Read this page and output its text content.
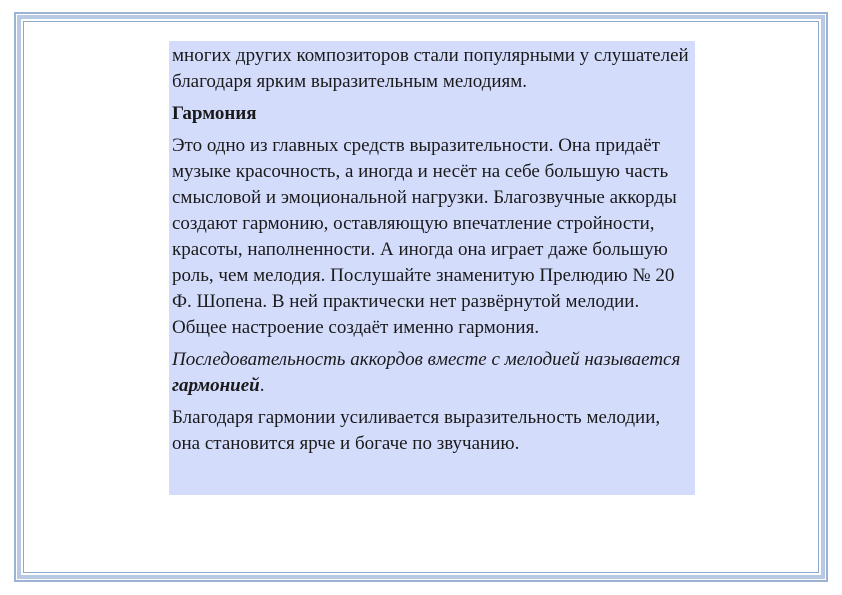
многих других композиторов стали популярными у слушателей благодаря ярким выразительным мелодиям.

Гармония

Это одно из главных средств выразительности. Она придаёт музыке красочность, а иногда и несёт на себе большую часть смысловой и эмоциональной нагрузки. Благозвучные аккорды создают гармонию, оставляющую впечатление стройности, красоты, наполненности. А иногда она играет даже большую роль, чем мелодия. Послушайте знаменитую Прелюдию № 20 Ф. Шопена. В ней практически нет развёрнутой мелодии. Общее настроение создаёт именно гармония.

Последовательность аккордов вместе с мелодией называется гармонией.

Благодаря гармонии усиливается выразительность мелодии, она становится ярче и богаче по звучанию.
